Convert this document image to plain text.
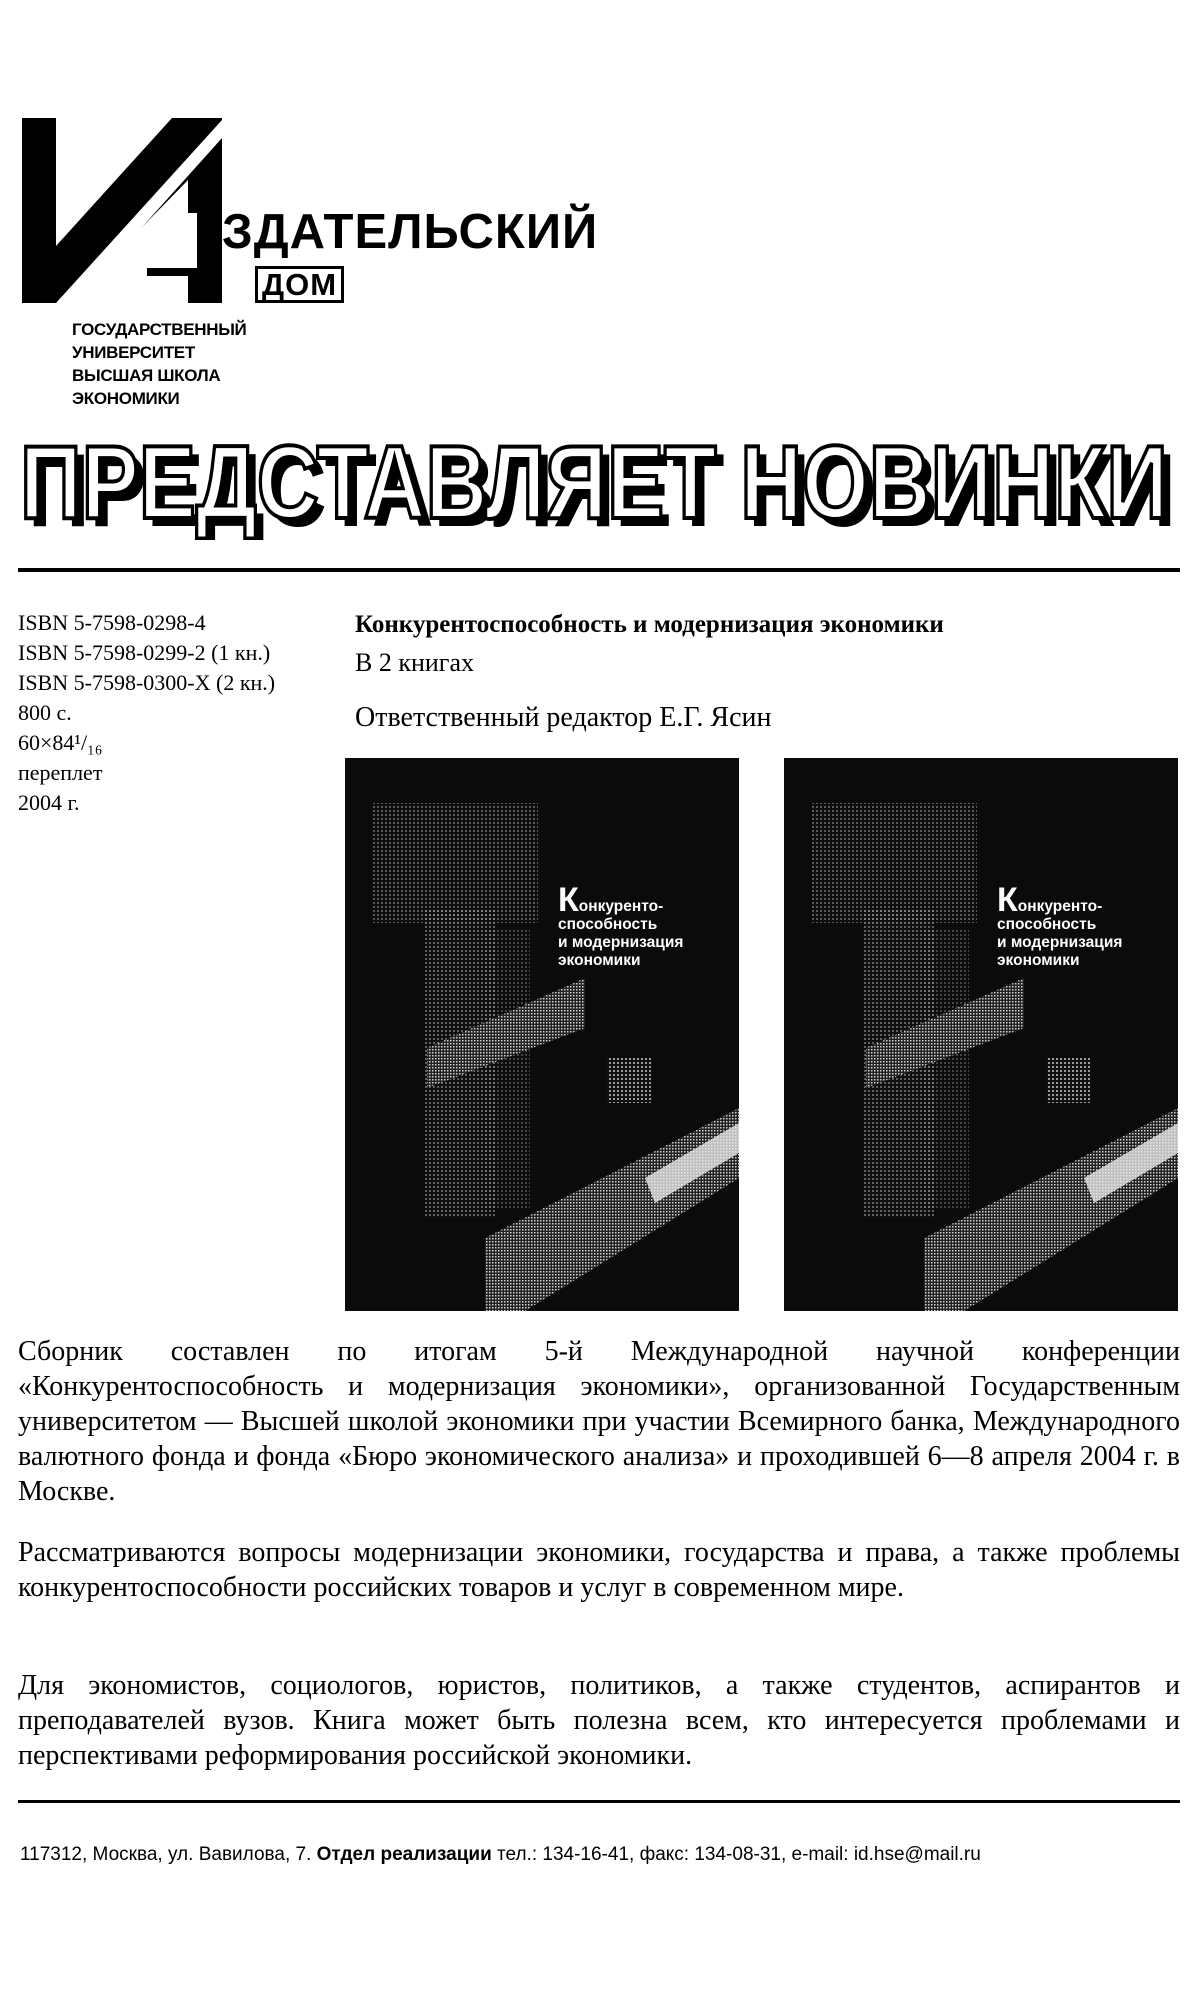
ЗДАТЕЛЬСКИЙ
ДОМ
ГОСУДАРСТВЕННЫЙ
УНИВЕРСИТЕТ
ВЫСШАЯ ШКОЛА
ЭКОНОМИКИ
ПРЕДСТАВЛЯЕТ НОВИНКИ
ПРЕДСТАВЛЯЕТ НОВИНКИ
ISBN 5-7598-0298-4
ISBN 5-7598-0299-2 (1 кн.)
ISBN 5-7598-0300-X (2 кн.)
800 с.
60×84¹/₁₆
переплет
2004 г.
Конкурентоспособность и модернизация экономики
В 2 книгах
Ответственный редактор Е.Г. Ясин
Конкуренто-
способность
и модернизация
экономики
Конкуренто-
способность
и модернизация
экономики
Сборник составлен по итогам 5-й Международной научной конференции «Конкурентоспособность и модернизация экономики», организованной Государственным университетом — Высшей школой экономики при участии Всемирного банка, Международного валютного фонда и фонда «Бюро экономического анализа» и проходившей 6—8 апреля 2004 г. в Москве.
Рассматриваются вопросы модернизации экономики, государства и права, а также проблемы конкурентоспособности российских товаров и услуг в современном мире.
Для экономистов, социологов, юристов, политиков, а также студентов, аспирантов и преподавателей вузов. Книга может быть полезна всем, кто интересуется проблемами и перспективами реформирования российской экономики.
117312, Москва, ул. Вавилова, 7. Отдел реализации тел.: 134-16-41, факс: 134-08-31, e-mail: id.hse@mail.ru
